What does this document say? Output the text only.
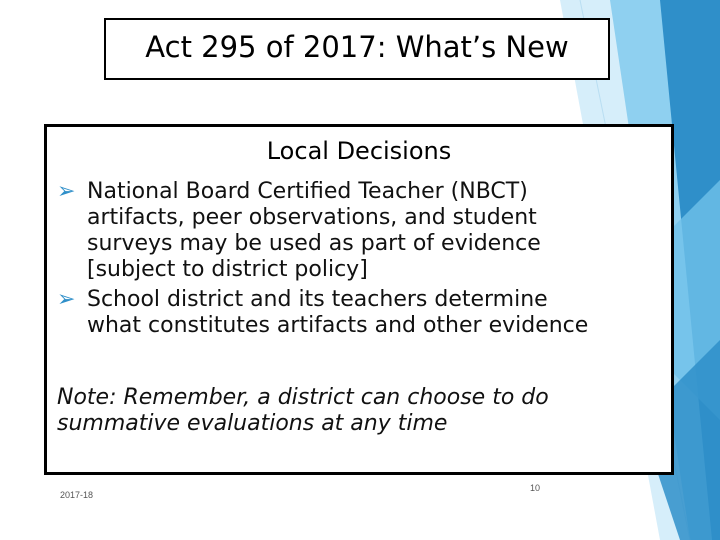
Act 295 of 2017: What’s New
Local Decisions
➢ National Board Certified Teacher (NBCT)
artifacts, peer observations, and student
surveys may be used as part of evidence
[subject to district policy]
➢ School district and its teachers determine
what constitutes artifacts and other evidence
Note: Remember, a district can choose to do
summative evaluations at any time
2017-18
10
